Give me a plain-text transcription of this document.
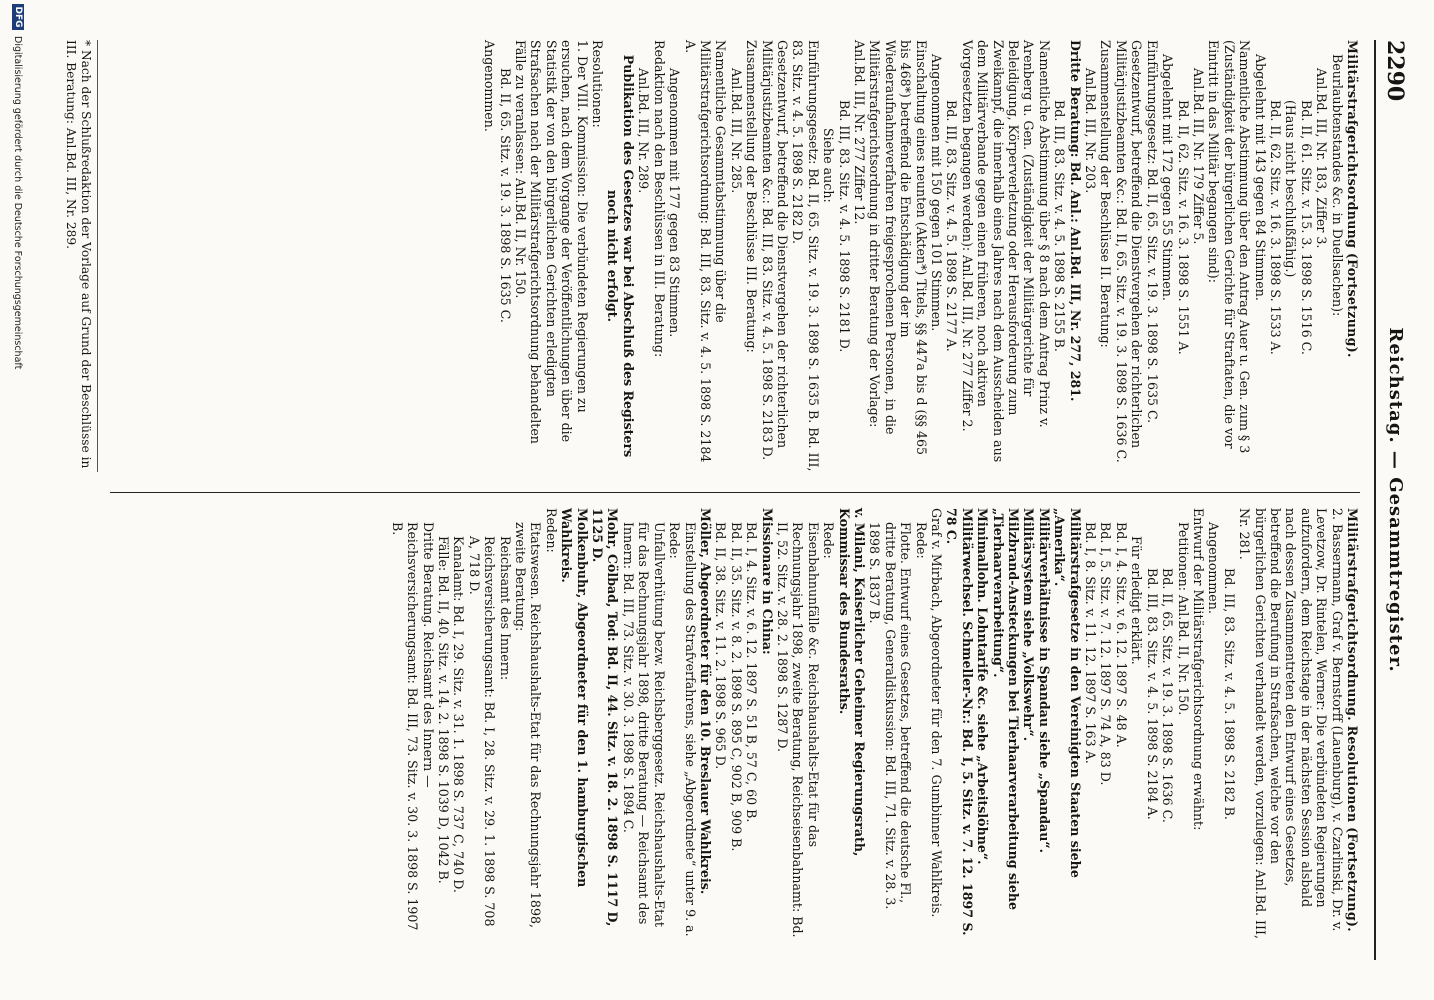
2290
Reichstag. — Gesammtregister.

Militärstrafgerichtsordnung (Fortsetzung).

Beurlaubtenstandes &c. in Duellsachen):

Anl.Bd. III, Nr. 183, Ziffer 3.

Bd. II, 61. Sitz. v. 15. 3. 1898 S. 1516 C.

(Haus nicht beschlußfähig.)

Bd. II, 62. Sitz. v. 16. 3. 1898 S. 1533 A.

Abgelehnt mit 143 gegen 84 Stimmen.

Namentliche Abstimmung über den Antrag Auer u. Gen. zum § 3 (Zuständigkeit der bürgerlichen Gerichte für Straftaten, die vor Eintritt in das Militär begangen sind):

Anl.Bd. III, Nr. 179 Ziffer 5.

Bd. II, 62. Sitz. v. 16. 3. 1898 S. 1551 A.

Abgelehnt mit 172 gegen 55 Stimmen.

Einführungsgesetz: Bd. II, 65. Sitz. v. 19. 3. 1898 S. 1635 C.

Gesetzentwurf, betreffend die Dienstvergehen der richterlichen Militärjustizbeamten &c.: Bd. II, 65. Sitz. v. 19. 3. 1898 S. 1636 C.

Zusammenstellung der Beschlüsse II. Beratung:

Anl.Bd. III, Nr. 203.

Dritte Beratung: Bd. Anl.: Anl.Bd. III, Nr. 277, 281.

Bd. III, 83. Sitz. v. 4. 5. 1898 S. 2155 B.

Namentliche Abstimmung über § 8 nach dem Antrag Prinz v. Arenberg u. Gen. (Zuständigkeit der Militärgerichte für Beleidigung, Körperverletzung oder Herausforderung zum Zweikampf, die innerhalb eines Jahres nach dem Ausscheiden aus dem Militärverbande gegen einen früheren, noch aktiven Vorgesetzten begangen werden): Anl.Bd. III, Nr. 277 Ziffer 2.

Bd. III, 83. Sitz. v. 4. 5. 1898 S. 2177 A.

Angenommen mit 150 gegen 101 Stimmen.

Einschaltung eines neunten (Akten*) Titels, §§ 447a bis d (§§ 465 bis 468*) betreffend die Entschädigung der im Wiederaufnahmeverfahren freigesprochenen Personen, in die Militärstrafgerichtsordnung in dritter Beratung der Vorlage: Anl.Bd. III, Nr. 277 Ziffer 12.

Bd. III, 83. Sitz. v. 4. 5. 1898 S. 2181 D.

Siehe auch:

Einführungsgesetz: Bd. II, 65. Sitz. v. 19. 3. 1898 S. 1635 B. Bd. III, 83. Sitz. v. 4. 5. 1898 S. 2182 D.

Gesetzentwurf, betreffend die Dienstvergehen der richterlichen Militärjustizbeamten &c.: Bd. III, 83. Sitz. v. 4. 5. 1898 S. 2183 D.

Zusammenstellung der Beschlüsse III. Beratung:

Anl.Bd. III, Nr. 285.

Namentliche Gesammtabstimmung über die Militärstrafgerichtsordnung: Bd. III, 83. Sitz. v. 4. 5. 1898 S. 2184 A.

Angenommen mit 177 gegen 83 Stimmen.

Redaktion nach den Beschlüssen in III. Beratung:

Anl.Bd. III, Nr. 289.

Publikation des Gesetzes war bei Abschluß des Registers noch nicht erfolgt.

Resolutionen:

1. Der VIII. Kommission: Die verbündeten Regierungen zu ersuchen, nach dem Vorgange der Veröffentlichungen über die Statistik der von den bürgerlichen Gerichten erledigten Strafsachen nach der Militärstrafgerichtsordnung behandelten Fälle zu veranlassen: Anl.Bd. II, Nr. 150.

Bd. II, 65. Sitz. v. 19. 3. 1898 S. 1635 C.

Angenommen.

Militärstrafgerichtsordnung. Resolutionen (Fortsetzung).

2. Bassermann, Graf v. Bernstorff (Lauenburg), v. Czarlinski, Dr. v. Levetzow, Dr. Rintelen, Werner: Die verbündeten Regierungen aufzufordern, dem Reichstage in der nächsten Session alsbald nach dessen Zusammentreten den Entwurf eines Gesetzes, betreffend die Berufung in Strafsachen, welche vor den bürgerlichen Gerichten verhandelt werden, vorzulegen: Anl.Bd. III, Nr. 281.

Bd. III, 83. Sitz. v. 4. 5. 1898 S. 2182 B.

Angenommen.

Entwurf der Militärstrafgerichtsordnung erwähnt:

Petitionen: Anl.Bd. II, Nr. 150.

Bd. II, 65. Sitz. v. 19. 3. 1898 S. 1636 C.

Bd. III, 83. Sitz. v. 4. 5. 1898 S. 2184 A.

Für erledigt erklärt.

Bd. I, 4. Sitz. v. 6. 12. 1897 S. 48 A.

Bd. I, 5. Sitz. v. 7. 12. 1897 S. 74 A, 83 D.

Bd. I, 8. Sitz. v. 11. 12. 1897 S. 163 A.

Militärstrafgesetze in den Vereinigten Staaten siehe „Amerika“.

Militärverhältnisse in Spandau siehe „Spandau“.

Militärsystem siehe „Volkswehr“.

Milzbrand-Ansteckungen bei Tierhaarverarbeitung siehe „Tierhaarverarbeitung“.

Minimallohn. Lohntarife &c. siehe „Arbeitslöhne“.

Militärwechsel. Schmeller-Nr.: Bd. I, 5. Sitz. v. 7. 12. 1897 S. 78 C.

Graf v. Mirbach, Abgeordneter für den 7. Gumbinner Wahlkreis.

Rede:

Flotte. Entwurf eines Gesetzes, betreffend die deutsche Fl., dritte Beratung, Generaldiskussion: Bd. III, 71. Sitz. v. 28. 3. 1898 S. 1837 B.

v. Milani, Kaiserlicher Geheimer Regierungsrath, Kommissar des Bundesraths.

Rede:

Eisenbahnunfälle &c. Reichshaushalts-Etat für das Rechnungsjahr 1898, zweite Beratung, Reichseisenbahnamt: Bd. II, 52. Sitz. v. 28. 2. 1898 S. 1287 D.

Missionare in China:

Bd. I, 4. Sitz. v. 6. 12. 1897 S. 51 B, 57 C, 60 B.

Bd. II, 35. Sitz. v. 8. 2. 1898 S. 895 C, 902 B, 909 B.

Bd. II, 38. Sitz. v. 11. 2. 1898 S. 965 D.

Möller, Abgeordneter für den 10. Breslauer Wahlkreis.

Einstellung des Strafverfahrens, siehe „Abgeordnete“ unter 9. a.

Rede:

Unfallverhütung bezw. Reichsberggesetz. Reichshaushalts-Etat für das Rechnungsjahr 1898, dritte Beratung — Reichsamt des Innern: Bd. III, 73. Sitz. v. 30. 3. 1898 S. 1894 C.

Mohr, Cölbad, Tod: Bd. II, 44. Sitz. v. 18. 2. 1898 S. 1117 D, 1125 D.

Molkenbuhr, Abgeordneter für den 1. hamburgischen Wahlkreis.

Reden:

Etatswesen. Reichshaushalts-Etat für das Rechnungsjahr 1898, zweite Beratung:

Reichsamt des Innern:

Reichsversicherungsamt: Bd. I, 28. Sitz. v. 29. 1. 1898 S. 708 A, 718 D.

Kanalamt: Bd. I, 29. Sitz. v. 31. 1. 1898 S. 737 C, 740 D.

Fälle: Bd. II, 40. Sitz. v. 14. 2. 1898 S. 1039 D, 1042 B.

Dritte Beratung. Reichsamt des Innern — Reichsversicherungsamt: Bd. III, 73. Sitz. v. 30. 3. 1898 S. 1907 B.

* Nach der Schlußredaktion der Vorlage auf Grund der Beschlüsse in III. Beratung: Anl.Bd. III, Nr. 289.
DFG
Digitalisierung gefördert durch die Deutsche Forschungsgemeinschaft
